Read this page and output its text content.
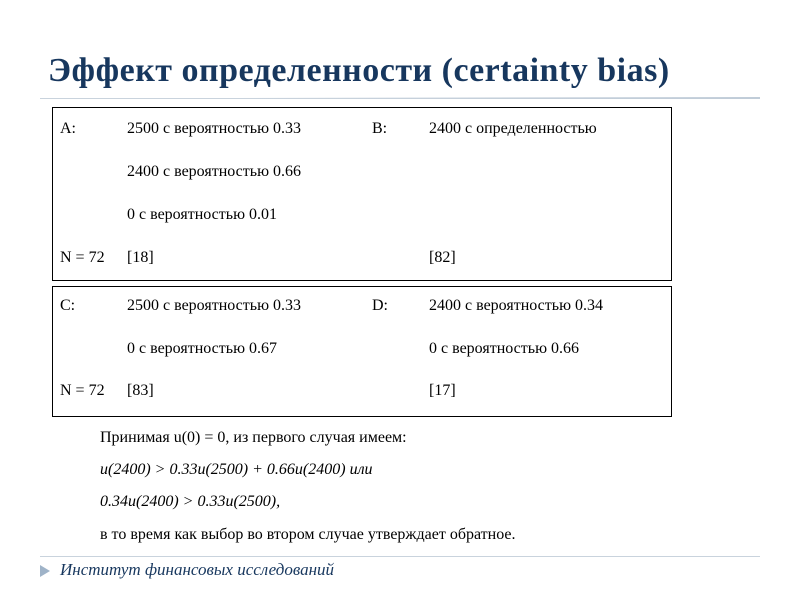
Эффект определенности (certainty bias)
A:	2500 с вероятностью 0.33	B:	2400 с определенностью
2400 с вероятностью 0.66
0 с вероятностью 0.01
N = 72 [18]	[82]
C:	2500 с вероятностью 0.33	D:	2400 с вероятностью 0.34
0 с вероятностью 0.67	0 с вероятностью 0.66
N = 72 [83]	[17]
Принимая u(0) = 0, из первого случая имеем:
u(2400) > 0.33u(2500) + 0.66u(2400) или
0.34u(2400) > 0.33u(2500),
в то время как выбор во втором случае утверждает обратное.
Институт финансовых исследований
